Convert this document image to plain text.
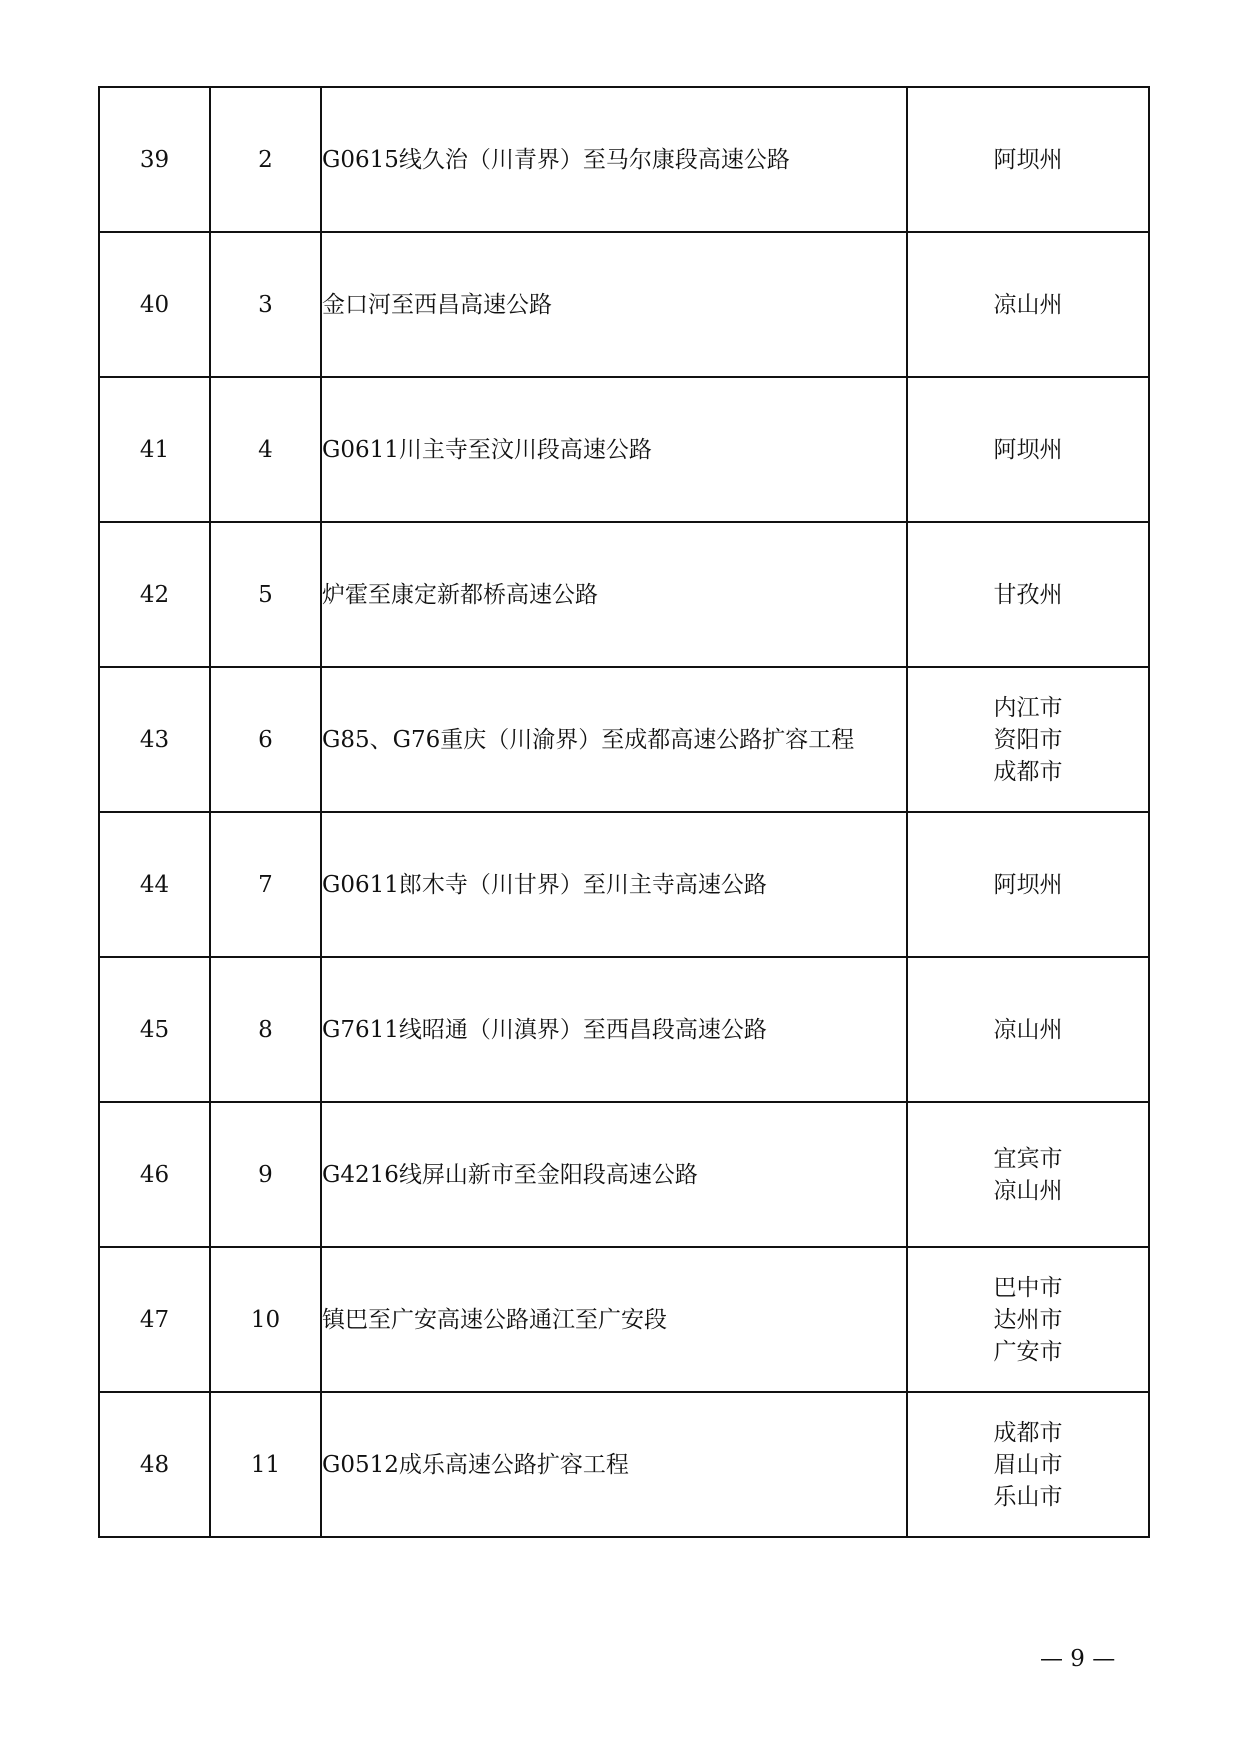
39	2	G0615线久治（川青界）至马尔康段高速公路	阿坝州

40	3	金口河至西昌高速公路	凉山州

41	4	G0611川主寺至汶川段高速公路	阿坝州

42	5	炉霍至康定新都桥高速公路	甘孜州

43	6	G85、G76重庆（川渝界）至成都高速公路扩容工程	内江市
资阳市
成都市

44	7	G0611郎木寺（川甘界）至川主寺高速公路	阿坝州

45	8	G7611线昭通（川滇界）至西昌段高速公路	凉山州

46	9	G4216线屏山新市至金阳段高速公路	宜宾市
凉山州

47	10	镇巴至广安高速公路通江至广安段	巴中市
达州市
广安市

48	11	G0512成乐高速公路扩容工程	成都市
眉山市
乐山市
— 9 —
